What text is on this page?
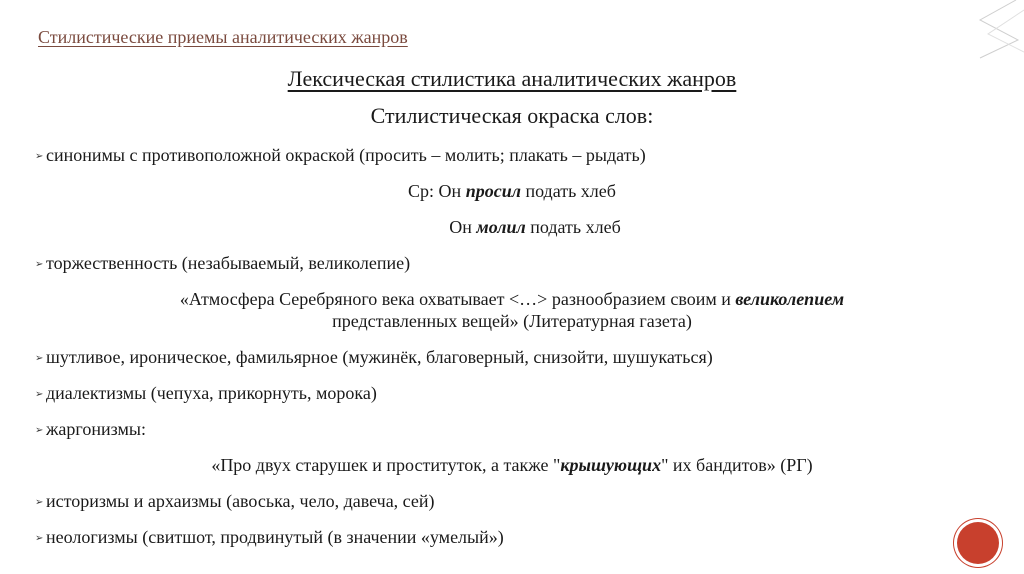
Стилистические приемы аналитических жанров
Лексическая стилистика аналитических жанров
Стилистическая окраска слов:
➢ синонимы с противоположной окраской (просить – молить; плакать – рыдать)
Ср: Он просил подать хлеб
Он молил подать хлеб
➢ торжественность (незабываемый, великолепие)
«Атмосфера Серебряного века охватывает <…> разнообразием своим и великолепием
представленных вещей» (Литературная газета)
➢ шутливое, ироническое, фамильярное (мужинёк, благоверный, снизойти, шушукаться)
➢ диалектизмы (чепуха, прикорнуть, морока)
➢ жаргонизмы:
«Про двух старушек и проституток, а также "крышующих" их бандитов» (РГ)
➢ историзмы и архаизмы (авоська, чело, давеча, сей)
➢ неологизмы (свитшот, продвинутый (в значении «умелый»)
